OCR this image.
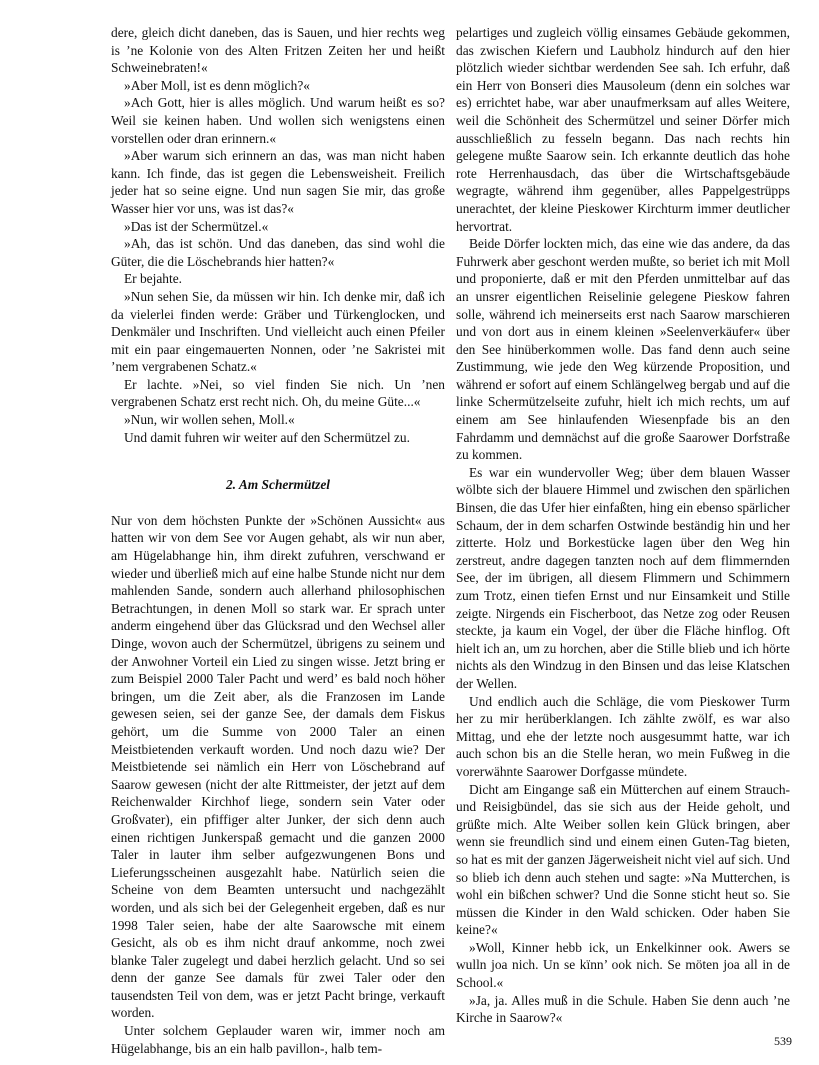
dere, gleich dicht daneben, das is Sauen, und hier rechts weg is ’ne Kolonie von des Alten Fritzen Zeiten her und heißt Schweinebraten!«

»Aber Moll, ist es denn möglich?«

»Ach Gott, hier is alles möglich. Und warum heißt es so? Weil sie keinen haben. Und wollen sich wenigstens einen vorstellen oder dran erinnern.«

»Aber warum sich erinnern an das, was man nicht haben kann. Ich finde, das ist gegen die Lebensweisheit. Freilich jeder hat so seine eigne. Und nun sagen Sie mir, das große Wasser hier vor uns, was ist das?«

»Das ist der Schermützel.«

»Ah, das ist schön. Und das daneben, das sind wohl die Güter, die die Löschebrands hier hatten?«

Er bejahte.

»Nun sehen Sie, da müssen wir hin. Ich denke mir, daß ich da vielerlei finden werde: Gräber und Türkenglocken, und Denkmäler und Inschriften. Und vielleicht auch einen Pfeiler mit ein paar eingemauerten Nonnen, oder ’ne Sakristei mit ’nem vergrabenen Schatz.«

Er lachte. »Nei, so viel finden Sie nich. Un ’nen vergrabenen Schatz erst recht nich. Oh, du meine Güte...«

»Nun, wir wollen sehen, Moll.«

Und damit fuhren wir weiter auf den Schermützel zu.

2. Am Schermützel

Nur von dem höchsten Punkte der »Schönen Aussicht« aus hatten wir von dem See vor Augen gehabt, als wir nun aber, am Hügelabhange hin, ihm direkt zufuhren, verschwand er wieder und überließ mich auf eine halbe Stunde nicht nur dem mahlenden Sande, sondern auch allerhand philosophischen Betrachtungen, in denen Moll so stark war. Er sprach unter anderm eingehend über das Glücksrad und den Wechsel aller Dinge, wovon auch der Schermützel, übrigens zu seinem und der Anwohner Vorteil ein Lied zu singen wisse. Jetzt bring er zum Beispiel 2000 Taler Pacht und werd’ es bald noch höher bringen, um die Zeit aber, als die Franzosen im Lande gewesen seien, sei der ganze See, der damals dem Fiskus gehört, um die Summe von 2000 Taler an einen Meistbietenden verkauft worden. Und noch dazu wie? Der Meistbietende sei nämlich ein Herr von Löschebrand auf Saarow gewesen (nicht der alte Rittmeister, der jetzt auf dem Reichenwalder Kirchhof liege, sondern sein Vater oder Großvater), ein pfiffiger alter Junker, der sich denn auch einen richtigen Junkerspaß gemacht und die ganzen 2000 Taler in lauter ihm selber aufgezwungenen Bons und Lieferungsscheinen ausgezahlt habe. Natürlich seien die Scheine von dem Beamten untersucht und nachgezählt worden, und als sich bei der Gelegenheit ergeben, daß es nur 1998 Taler seien, habe der alte Saarowsche mit einem Gesicht, als ob es ihm nicht drauf ankomme, noch zwei blanke Taler zugelegt und dabei herzlich gelacht. Und so sei denn der ganze See damals für zwei Taler oder den tausendsten Teil von dem, was er jetzt Pacht bringe, verkauft worden.

Unter solchem Geplauder waren wir, immer noch am Hügelabhange, bis an ein halb pavillon-, halb tem-

pelartiges und zugleich völlig einsames Gebäude gekommen, das zwischen Kiefern und Laubholz hindurch auf den hier plötzlich wieder sichtbar werdenden See sah. Ich erfuhr, daß ein Herr von Bonseri dies Mausoleum (denn ein solches war es) errichtet habe, war aber unaufmerksam auf alles Weitere, weil die Schönheit des Schermützel und seiner Dörfer mich ausschließlich zu fesseln begann. Das nach rechts hin gelegene mußte Saarow sein. Ich erkannte deutlich das hohe rote Herrenhausdach, das über die Wirtschaftsgebäude wegragte, während ihm gegenüber, alles Pappelgestrüpps unerachtet, der kleine Pieskower Kirchturm immer deutlicher hervortrat.

Beide Dörfer lockten mich, das eine wie das andere, da das Fuhrwerk aber geschont werden mußte, so beriet ich mit Moll und proponierte, daß er mit den Pferden unmittelbar auf das an unsrer eigentlichen Reiselinie gelegene Pieskow fahren solle, während ich meinerseits erst nach Saarow marschieren und von dort aus in einem kleinen »Seelenverkäufer« über den See hinüberkommen wolle. Das fand denn auch seine Zustimmung, wie jede den Weg kürzende Proposition, und während er sofort auf einem Schlängelweg bergab und auf die linke Schermützelseite zufuhr, hielt ich mich rechts, um auf einem am See hinlaufenden Wiesenpfade bis an den Fahrdamm und demnächst auf die große Saarower Dorfstraße zu kommen.

Es war ein wundervoller Weg; über dem blauen Wasser wölbte sich der blauere Himmel und zwischen den spärlichen Binsen, die das Ufer hier einfaßten, hing ein ebenso spärlicher Schaum, der in dem scharfen Ostwinde beständig hin und her zitterte. Holz und Borkestücke lagen über den Weg hin zerstreut, andre dagegen tanzten noch auf dem flimmernden See, der im übrigen, all diesem Flimmern und Schimmern zum Trotz, einen tiefen Ernst und nur Einsamkeit und Stille zeigte. Nirgends ein Fischerboot, das Netze zog oder Reusen steckte, ja kaum ein Vogel, der über die Fläche hinflog. Oft hielt ich an, um zu horchen, aber die Stille blieb und ich hörte nichts als den Windzug in den Binsen und das leise Klatschen der Wellen.

Und endlich auch die Schläge, die vom Pieskower Turm her zu mir herüberklangen. Ich zählte zwölf, es war also Mittag, und ehe der letzte noch ausgesummt hatte, war ich auch schon bis an die Stelle heran, wo mein Fußweg in die vorerwähnte Saarower Dorfgasse mündete.

Dicht am Eingange saß ein Mütterchen auf einem Strauch- und Reisigbündel, das sie sich aus der Heide geholt, und grüßte mich. Alte Weiber sollen kein Glück bringen, aber wenn sie freundlich sind und einem einen Guten-Tag bieten, so hat es mit der ganzen Jägerweisheit nicht viel auf sich. Und so blieb ich denn auch stehen und sagte: »Na Mutterchen, is wohl ein bißchen schwer? Und die Sonne sticht heut so. Sie müssen die Kinder in den Wald schicken. Oder haben Sie keine?«

»Woll, Kinner hebb ick, un Enkelkinner ook. Awers se wulln joa nich. Un se kïnn’ ook nich. Se möten joa all in de School.«

»Ja, ja. Alles muß in die Schule. Haben Sie denn auch ’ne Kirche in Saarow?«

539
